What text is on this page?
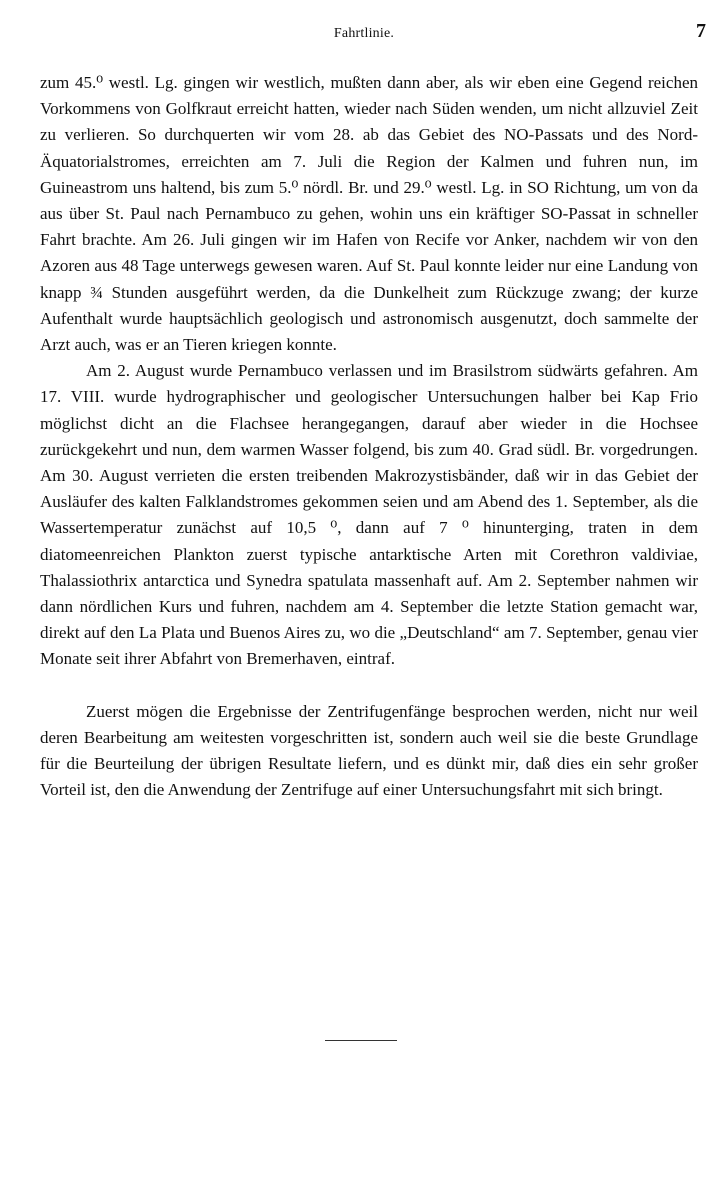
Fahrtlinie.	7

zum 45.⁰ westl. Lg. gingen wir westlich, mußten dann aber, als wir eben eine Gegend reichen Vorkommens von Golfkraut erreicht hatten, wieder nach Süden wenden, um nicht allzuviel Zeit zu verlieren. So durchquerten wir vom 28. ab das Gebiet des NO-Passats und des Nord-Äquatorialstromes, erreichten am 7. Juli die Region der Kalmen und fuhren nun, im Guineastrom uns haltend, bis zum 5.⁰ nördl. Br. und 29.⁰ westl. Lg. in SO Richtung, um von da aus über St. Paul nach Pernambuco zu gehen, wohin uns ein kräftiger SO-Passat in schneller Fahrt brachte. Am 26. Juli gingen wir im Hafen von Recife vor Anker, nachdem wir von den Azoren aus 48 Tage unterwegs gewesen waren. Auf St. Paul konnte leider nur eine Landung von knapp ¾ Stunden ausgeführt werden, da die Dunkelheit zum Rückzuge zwang; der kurze Aufenthalt wurde hauptsächlich geologisch und astronomisch ausgenutzt, doch sammelte der Arzt auch, was er an Tieren kriegen konnte.

Am 2. August wurde Pernambuco verlassen und im Brasilstrom südwärts gefahren. Am 17. VIII. wurde hydrographischer und geologischer Untersuchungen halber bei Kap Frio möglichst dicht an die Flachsee herangegangen, darauf aber wieder in die Hochsee zurückgekehrt und nun, dem warmen Wasser folgend, bis zum 40. Grad südl. Br. vorgedrungen. Am 30. August verrieten die ersten treibenden Makrozystisbänder, daß wir in das Gebiet der Ausläufer des kalten Falklandstromes gekommen seien und am Abend des 1. September, als die Wassertemperatur zunächst auf 10,5 ⁰, dann auf 7 ⁰ hinunterging, traten in dem diatomeenreichen Plankton zuerst typische antarktische Arten mit Corethron valdiviae, Thalassiothrix antarctica und Synedra spatulata massenhaft auf. Am 2. September nahmen wir dann nördlichen Kurs und fuhren, nachdem am 4. September die letzte Station gemacht war, direkt auf den La Plata und Buenos Aires zu, wo die „Deutschland“ am 7. September, genau vier Monate seit ihrer Abfahrt von Bremerhaven, eintraf.

Zuerst mögen die Ergebnisse der Zentrifugenfänge besprochen werden, nicht nur weil deren Bearbeitung am weitesten vorgeschritten ist, sondern auch weil sie die beste Grundlage für die Beurteilung der übrigen Resultate liefern, und es dünkt mir, daß dies ein sehr großer Vorteil ist, den die Anwendung der Zentrifuge auf einer Untersuchungsfahrt mit sich bringt.
